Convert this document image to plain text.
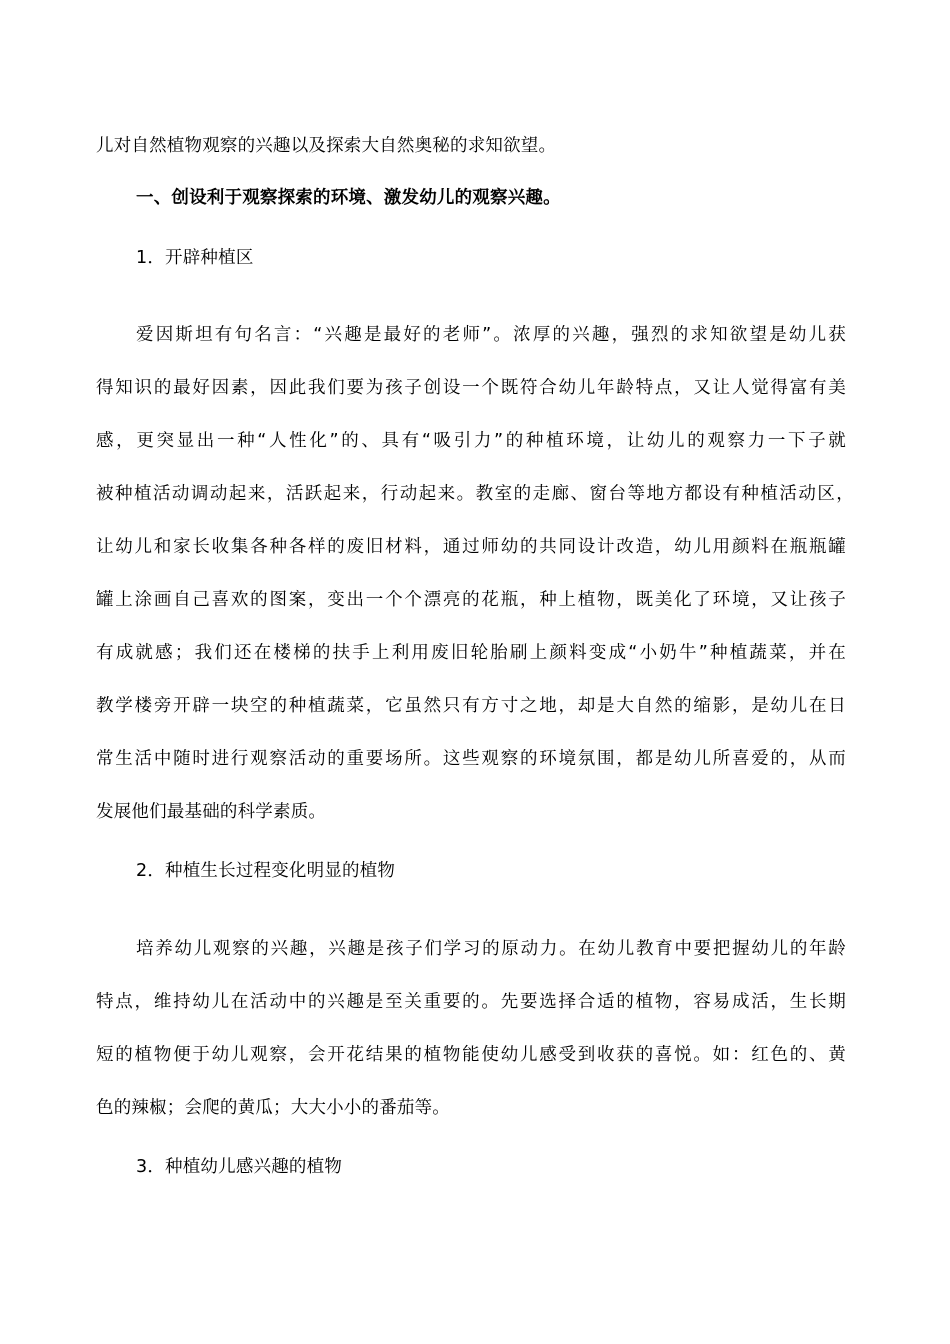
儿对自然植物观察的兴趣以及探索大自然奥秘的求知欲望。
一、创设利于观察探索的环境、激发幼儿的观察兴趣。
1．开辟种植区
爱因斯坦有句名言：“兴趣是最好的老师”。浓厚的兴趣，强烈的求知欲望是幼儿获
得知识的最好因素，因此我们要为孩子创设一个既符合幼儿年龄特点，又让人觉得富有美
感，更突显出一种“人性化”的、具有“吸引力”的种植环境，让幼儿的观察力一下子就
被种植活动调动起来，活跃起来，行动起来。教室的走廊、窗台等地方都设有种植活动区，
让幼儿和家长收集各种各样的废旧材料，通过师幼的共同设计改造，幼儿用颜料在瓶瓶罐
罐上涂画自己喜欢的图案，变出一个个漂亮的花瓶，种上植物，既美化了环境，又让孩子
有成就感；我们还在楼梯的扶手上利用废旧轮胎刷上颜料变成“小奶牛”种植蔬菜，并在
教学楼旁开辟一块空的种植蔬菜，它虽然只有方寸之地，却是大自然的缩影，是幼儿在日
常生活中随时进行观察活动的重要场所。这些观察的环境氛围，都是幼儿所喜爱的，从而
发展他们最基础的科学素质。
2．种植生长过程变化明显的植物
培养幼儿观察的兴趣，兴趣是孩子们学习的原动力。在幼儿教育中要把握幼儿的年龄
特点，维持幼儿在活动中的兴趣是至关重要的。先要选择合适的植物，容易成活，生长期
短的植物便于幼儿观察，会开花结果的植物能使幼儿感受到收获的喜悦。如：红色的、黄
色的辣椒；会爬的黄瓜；大大小小的番茄等。
3．种植幼儿感兴趣的植物
